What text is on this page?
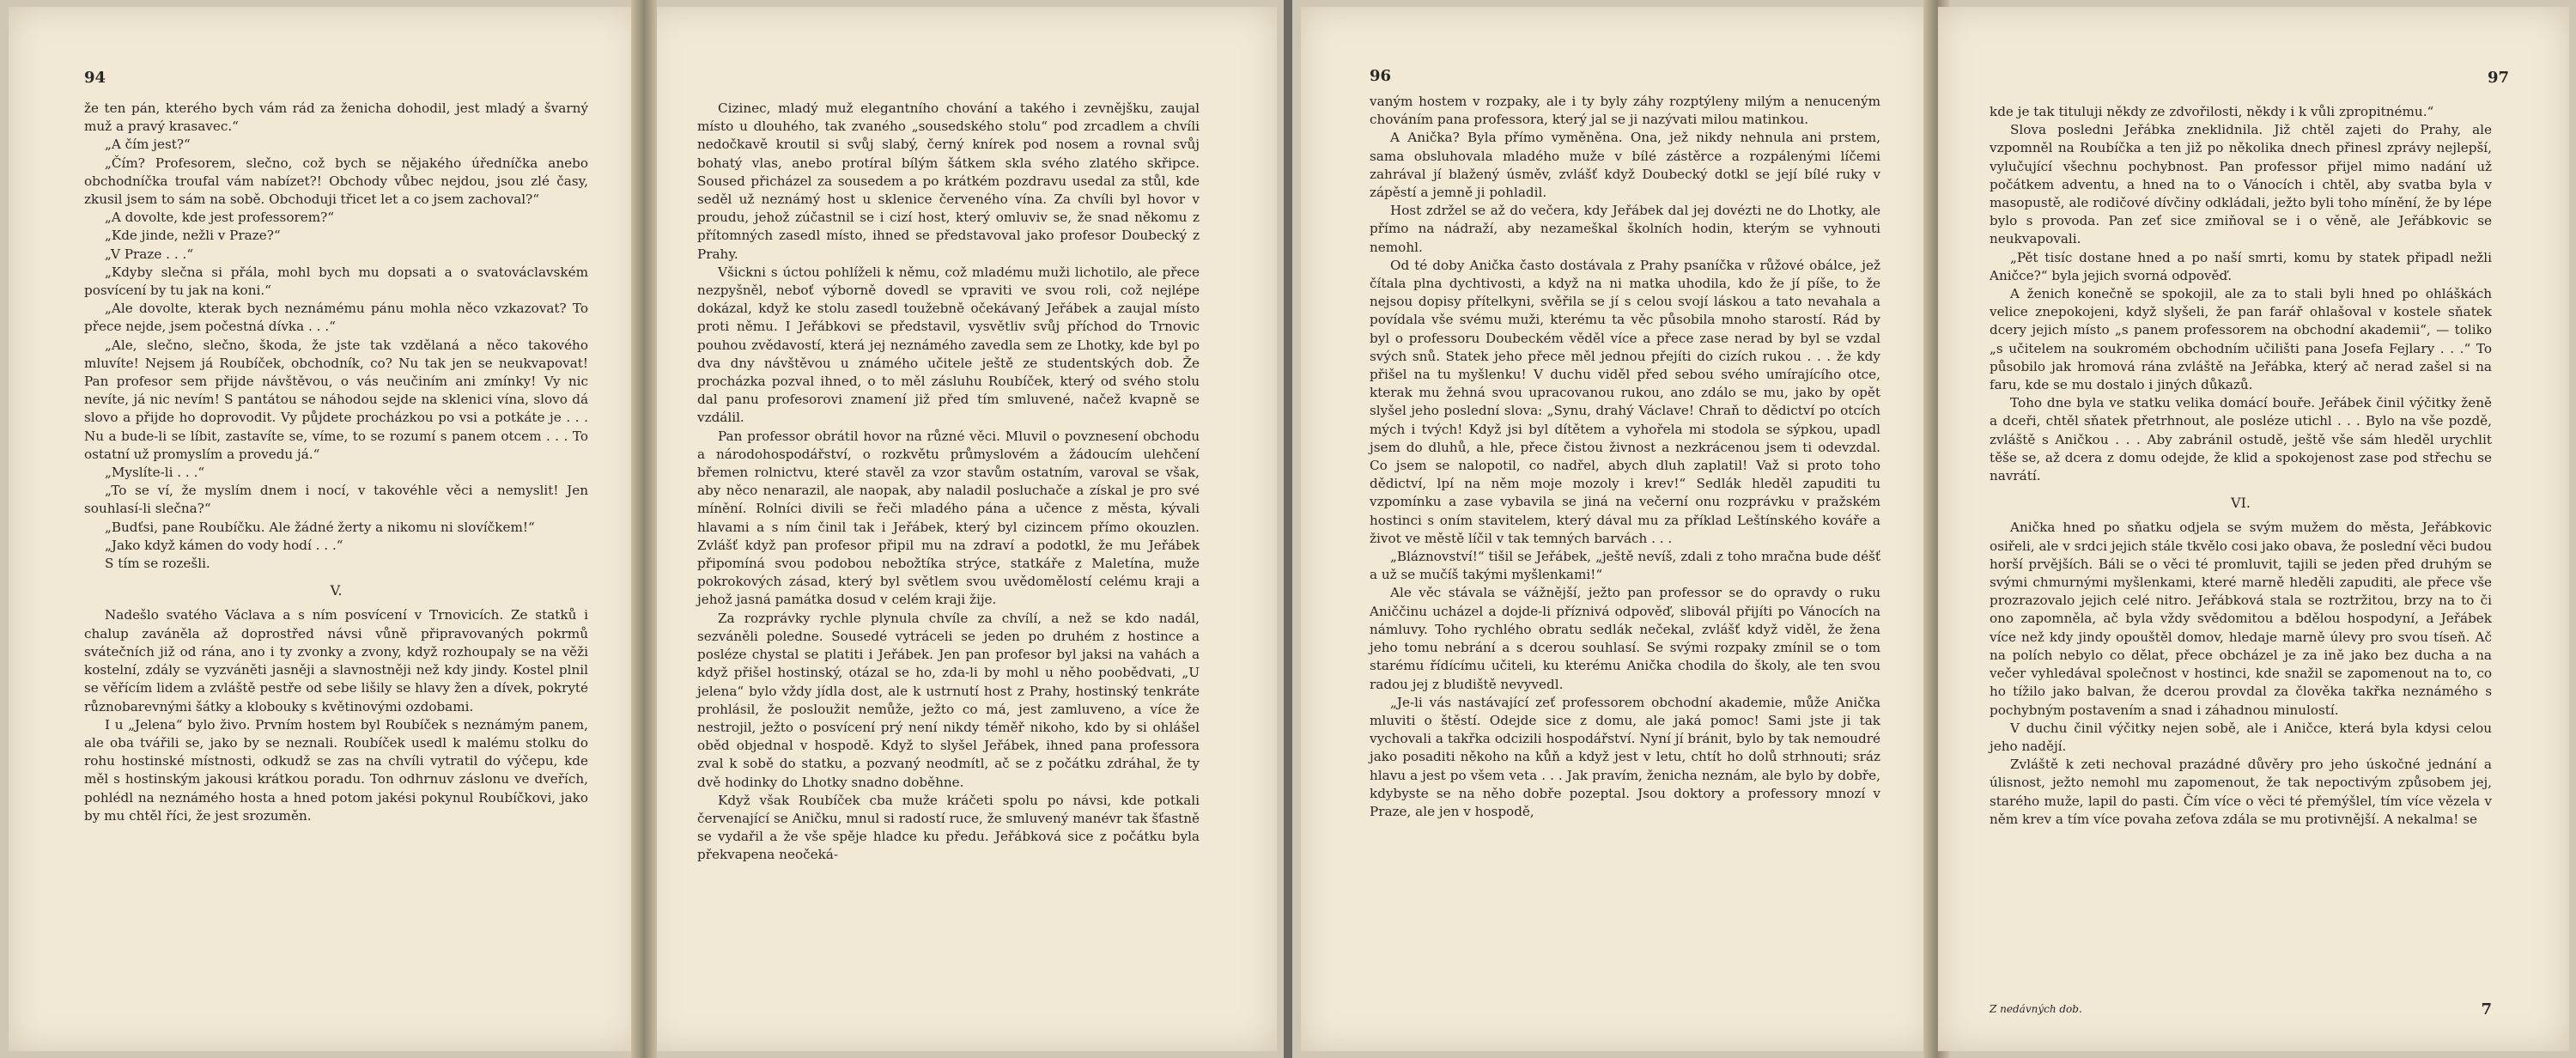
94

že ten pán, kterého bych vám rád za ženicha dohodil, jest mladý a švarný muž a pravý krasavec.“

„A čím jest?“

„Čím? Profesorem, slečno, což bych se nějakého úředníčka anebo obchodníčka troufal vám nabízet?! Obchody vůbec nejdou, jsou zlé časy, zkusil jsem to sám na sobě. Obchoduji třicet let a co jsem zachoval?“

„A dovolte, kde jest professorem?“

„Kde jinde, nežli v Praze?“

„V Praze . . .“

„Kdyby slečna si přála, mohl bych mu dopsati a o svatováclavském posvícení by tu jak na koni.“

„Ale dovolte, kterak bych neznámému pánu mohla něco vzkazovat? To přece nejde, jsem počestná dívka . . .“

„Ale, slečno, slečno, škoda, že jste tak vzdělaná a něco takového mluvíte! Nejsem já Roubíček, obchodník, co? Nu tak jen se neukvapovat! Pan profesor sem přijde návštěvou, o vás neučiním ani zmínky! Vy nic nevíte, já nic nevím! S pantátou se náhodou sejde na sklenici vína, slovo dá slovo a přijde ho doprovodit. Vy půjdete procházkou po vsi a potkáte je . . . Nu a bude-li se líbit, zastavíte se, víme, to se rozumí s panem otcem . . . To ostatní už promyslím a provedu já.“

„Myslíte-li . . .“

„To se ví, že myslím dnem i nocí, v takovéhle věci a nemyslit! Jen souhlasí-li slečna?“

„Budťsi, pane Roubíčku. Ale žádné žerty a nikomu ni slovíčkem!“

„Jako když kámen do vody hodí . . .“

S tím se rozešli.

V.

Nadešlo svatého Václava a s ním posvícení v Trnovicích. Ze statků i chalup zaváněla až doprostřed návsi vůně připravovaných pokrmů svátečních již od rána, ano i ty zvonky a zvony, když rozhoupaly se na věži kostelní, zdály se vyzváněti jasněji a slavnostněji než kdy jindy. Kostel plnil se věřícím lidem a zvláště pestře od sebe lišily se hlavy žen a dívek, pokryté různobarevnými šátky a klobouky s květinovými ozdobami.

I u „Jelena“ bylo živo. Prvním hostem byl Roubíček s neznámým panem, ale oba tvářili se, jako by se neznali. Roubíček usedl k malému stolku do rohu hostinské místnosti, odkudž se zas na chvíli vytratil do výčepu, kde měl s hostinským jakousi krátkou poradu. Ton odhrnuv záslonu ve dveřích, pohlédl na neznámého hosta a hned potom jakési pokynul Roubíčkovi, jako by mu chtěl říci, že jest srozuměn.

Cizinec, mladý muž elegantního chování a takého i zevnějšku, zaujal místo u dlouhého, tak zvaného „sousedského stolu“ pod zrcadlem a chvíli nedočkavě kroutil si svůj slabý, černý knírek pod nosem a rovnal svůj bohatý vlas, anebo protíral bílým šátkem skla svého zlatého skřipce. Soused přicházel za sousedem a po krátkém pozdravu usedal za stůl, kde seděl už neznámý host u sklenice červeného vína. Za chvíli byl hovor v proudu, jehož zúčastnil se i cizí host, který omluviv se, že snad někomu z přítomných zasedl místo, ihned se představoval jako profesor Doubecký z Prahy.

Všickni s úctou pohlíželi k němu, což mladému muži lichotilo, ale přece nezpyšněl, neboť výborně dovedl se vpraviti ve svou roli, což nejlépe dokázal, když ke stolu zasedl toužebně očekávaný Jeřábek a zaujal místo proti němu. I Jeřábkovi se představil, vysvětliv svůj příchod do Trnovic pouhou zvědavostí, která jej neznámého zavedla sem ze Lhotky, kde byl po dva dny návštěvou u známého učitele ještě ze studentských dob. Že procházka pozval ihned, o to měl zásluhu Roubíček, který od svého stolu dal panu profesorovi znamení již před tím smluvené, načež kvapně se vzdálil.

Pan professor obrátil hovor na různé věci. Mluvil o povznesení obchodu a národohospodářství, o rozkvětu průmyslovém a žádoucím ulehčení břemen rolnictvu, které stavěl za vzor stavům ostatním, varoval se však, aby něco nenarazil, ale naopak, aby naladil posluchače a získal je pro své mínění. Rolníci divili se řeči mladého pána a učence z města, kývali hlavami a s ním činil tak i Jeřábek, který byl cizincem přímo okouzlen. Zvlášť když pan profesor připil mu na zdraví a podotkl, že mu Jeřábek připomíná svou podobou nebožtíka strýce, statkáře z Maletína, muže pokrokových zásad, který byl světlem svou uvědomělostí celému kraji a jehož jasná památka dosud v celém kraji žije.

Za rozprávky rychle plynula chvíle za chvílí, a než se kdo nadál, sezváněli poledne. Sousedé vytráceli se jeden po druhém z hostince a posléze chystal se platiti i Jeřábek. Jen pan profesor byl jaksi na vahách a když přišel hostinský, otázal se ho, zda-li by mohl u něho poobědvati, „U jelena“ bylo vždy jídla dost, ale k ustrnutí host z Prahy, hostinský tenkráte prohlásil, že posloužit nemůže, ježto co má, jest zamluveno, a více že nestrojil, ježto o posvícení prý není nikdy téměř nikoho, kdo by si ohlášel oběd objednal v hospodě. Když to slyšel Jeřábek, ihned pana professora zval k sobě do statku, a pozvaný neodmítl, ač se z počátku zdráhal, že ty dvě hodinky do Lhotky snadno doběhne.

Když však Roubíček cba muže kráčeti spolu po návsi, kde potkali červenající se Aničku, mnul si radostí ruce, že smluvený manévr tak šťastně se vydařil a že vše spěje hladce ku předu. Jeřábková sice z počátku byla překvapena neočeká-

96

vaným hostem v rozpaky, ale i ty byly záhy rozptýleny milým a nenuceným chováním pana professora, který jal se ji nazývati milou matinkou.

A Anička? Byla přímo vyměněna. Ona, jež nikdy nehnula ani prstem, sama obsluhovala mladého muže v bílé zástěrce a rozpálenými líčemi zahrával jí blažený úsměv, zvlášť když Doubecký dotkl se její bílé ruky v zápěstí a jemně ji pohladil.

Host zdržel se až do večera, kdy Jeřábek dal jej dovézti ne do Lhotky, ale přímo na nádraží, aby nezameškal školních hodin, kterým se vyhnouti nemohl.

Od té doby Anička často dostávala z Prahy psaníčka v růžové obálce, jež čítala plna dychtivosti, a když na ni matka uhodila, kdo že jí píše, to že nejsou dopisy přítelkyni, svěřila se jí s celou svojí láskou a tato nevahala a povídala vše svému muži, kterému ta věc působila mnoho starostí. Rád by byl o professoru Doubeckém věděl více a přece zase nerad by byl se vzdal svých snů. Statek jeho přece měl jednou přejíti do cizích rukou . . . že kdy přišel na tu myšlenku! V duchu viděl před sebou svého umírajícího otce, kterak mu žehná svou upracovanou rukou, ano zdálo se mu, jako by opět slyšel jeho poslední slova: „Synu, drahý Václave! Chraň to dědictví po otcích mých i tvých! Když jsi byl dítětem a vyhořela mi stodola se sýpkou, upadl jsem do dluhů, a hle, přece čistou živnost a nezkrácenou jsem ti odevzdal. Co jsem se nalopotil, co nadřel, abych dluh zaplatil! Važ si proto toho dědictví, lpí na něm moje mozoly i krev!“ Sedlák hleděl zapuditi tu vzpomínku a zase vybavila se jiná na večerní onu rozprávku v pražském hostinci s oním stavitelem, který dával mu za příklad Leštínského kováře a život ve městě líčil v tak temných barvách . . .

„Bláznovství!“ tišil se Jeřábek, „ještě nevíš, zdali z toho mračna bude déšť a už se mučíš takými myšlenkami!“

Ale věc stávala se vážnější, ježto pan professor se do opravdy o ruku Aniččinu ucházel a dojde-li příznivá odpověď, slibovál přijíti po Vánocích na námluvy. Toho rychlého obratu sedlák nečekal, zvlášť když viděl, že žena jeho tomu nebrání a s dcerou souhlasí. Se svými rozpaky zmínil se o tom starému řídícímu učiteli, ku kterému Anička chodila do školy, ale ten svou radou jej z bludiště nevyvedl.

„Je-li vás nastávající zeť professorem obchodní akademie, může Anička mluviti o štěstí. Odejde sice z domu, ale jaká pomoc! Sami jste ji tak vychovali a takřka odcizili hospodářství. Nyní jí bránit, bylo by tak nemoudré jako posaditi někoho na kůň a když jest v letu, chtít ho dolů strhnouti; sráz hlavu a jest po všem veta . . . Jak pravím, ženicha neznám, ale bylo by dobře, kdybyste se na něho dobře pozeptal. Jsou doktory a professory mnozí v Praze, ale jen v hospodě,

97

kde je tak tituluji někdy ze zdvořilosti, někdy i k vůli zpropitnému.“

Slova posledni Jeřábka zneklidnila. Již chtěl zajeti do Prahy, ale vzpomněl na Roubíčka a ten již po několika dnech přinesl zprávy nejlepší, vylučující všechnu pochybnost. Pan professor přijel mimo nadání už počátkem adventu, a hned na to o Vánocích i chtěl, aby svatba byla v masopustě, ale rodičové dívčiny odkládali, ježto byli toho mínění, že by lépe bylo s provoda. Pan zeť sice zmiňoval se i o věně, ale Jeřábkovic se neukvapovali.

„Pět tisíc dostane hned a po naší smrti, komu by statek připadl nežli Aničce?“ byla jejich svorná odpověď.

A ženich konečně se spokojil, ale za to stali byli hned po ohláškách velice znepokojeni, když slyšeli, že pan farář ohlašoval v kostele sňatek dcery jejich místo „s panem professorem na obchodní akademii“, — toliko „s učitelem na soukromém obchodním učilišti pana Josefa Fejlary . . .“ To působilo jak hromová rána zvláště na Jeřábka, který ač nerad zašel si na faru, kde se mu dostalo i jiných důkazů.

Toho dne byla ve statku velika domácí bouře. Jeřábek činil výčitky ženě a dceři, chtěl sňatek přetrhnout, ale posléze utichl . . . Bylo na vše pozdě, zvláště s Aničkou . . . Aby zabránil ostudě, ještě vše sám hleděl urychlit těše se, až dcera z domu odejde, že klid a spokojenost zase pod střechu se navrátí.

VI.

Anička hned po sňatku odjela se svým mužem do města, Jeřábkovic osiřeli, ale v srdci jejich stále tkvělo cosi jako obava, že poslední věci budou horší prvějších. Báli se o věci té promluvit, tajili se jeden před druhým se svými chmurnými myšlenkami, které marně hleděli zapuditi, ale přece vše prozrazovalo jejich celé nitro. Jeřábková stala se roztržitou, brzy na to či ono zapomněla, ač byla vždy svědomitou a bdělou hospodyní, a Jeřábek více než kdy jindy opouštěl domov, hledaje marně úlevy pro svou tíseň. Ač na polích nebylo co dělat, přece obcházel je za ině jako bez ducha a na večer vyhledával společnost v hostinci, kde snažil se zapomenout na to, co ho tížilo jako balvan, že dcerou provdal za člověka takřka neznámého s pochybným postavením a snad i záhadnou minulostí.

V duchu činil výčitky nejen sobě, ale i Aničce, která byla kdysi celou jeho nadějí.

Zvláště k zeti nechoval prazádné důvěry pro jeho úskočné jednání a úlisnost, ježto nemohl mu zapomenout, že tak nepoctivým způsobem jej, starého muže, lapil do pasti. Čím více o věci té přemýšlel, tím více vězela v něm krev a tím více povaha zeťova zdála se mu protivnější. A nekalma! se

Z nedávných dob.	7
